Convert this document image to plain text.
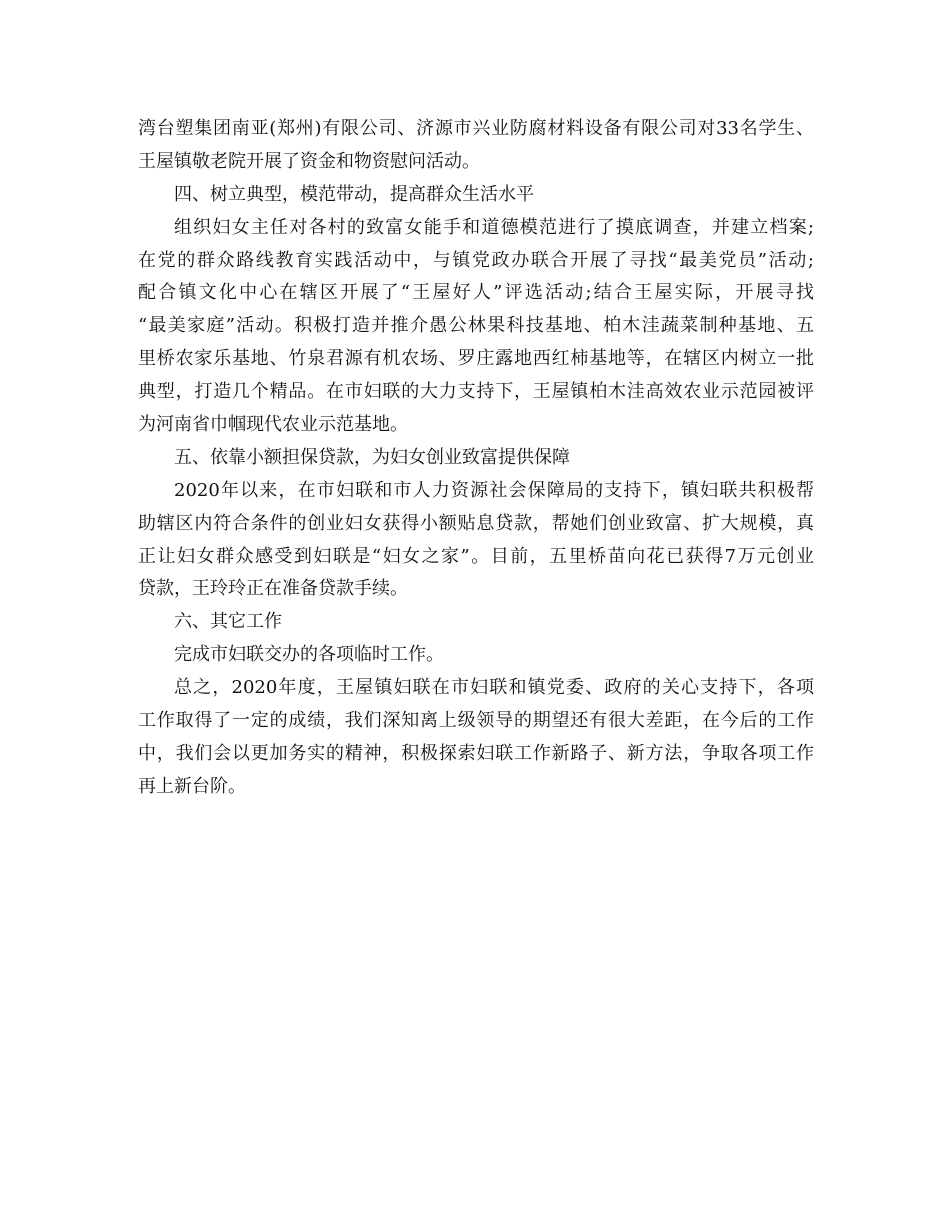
湾台塑集团南亚(郑州)有限公司、济源市兴业防腐材料设备有限公司对33名学生、
王屋镇敬老院开展了资金和物资慰问活动。
四、树立典型，模范带动，提高群众生活水平
组织妇女主任对各村的致富女能手和道德模范进行了摸底调查，并建立档案;
在党的群众路线教育实践活动中，与镇党政办联合开展了寻找“最美党员”活动;
配合镇文化中心在辖区开展了“王屋好人”评选活动;结合王屋实际，开展寻找
“最美家庭”活动。积极打造并推介愚公林果科技基地、柏木洼蔬菜制种基地、五
里桥农家乐基地、竹泉君源有机农场、罗庄露地西红柿基地等，在辖区内树立一批
典型，打造几个精品。在市妇联的大力支持下，王屋镇柏木洼高效农业示范园被评
为河南省巾帼现代农业示范基地。
五、依靠小额担保贷款，为妇女创业致富提供保障
2020年以来，在市妇联和市人力资源社会保障局的支持下，镇妇联共积极帮
助辖区内符合条件的创业妇女获得小额贴息贷款，帮她们创业致富、扩大规模，真
正让妇女群众感受到妇联是“妇女之家”。目前，五里桥苗向花已获得7万元创业
贷款，王玲玲正在准备贷款手续。
六、其它工作
完成市妇联交办的各项临时工作。
总之，2020年度，王屋镇妇联在市妇联和镇党委、政府的关心支持下，各项
工作取得了一定的成绩，我们深知离上级领导的期望还有很大差距，在今后的工作
中，我们会以更加务实的精神，积极探索妇联工作新路子、新方法，争取各项工作
再上新台阶。
